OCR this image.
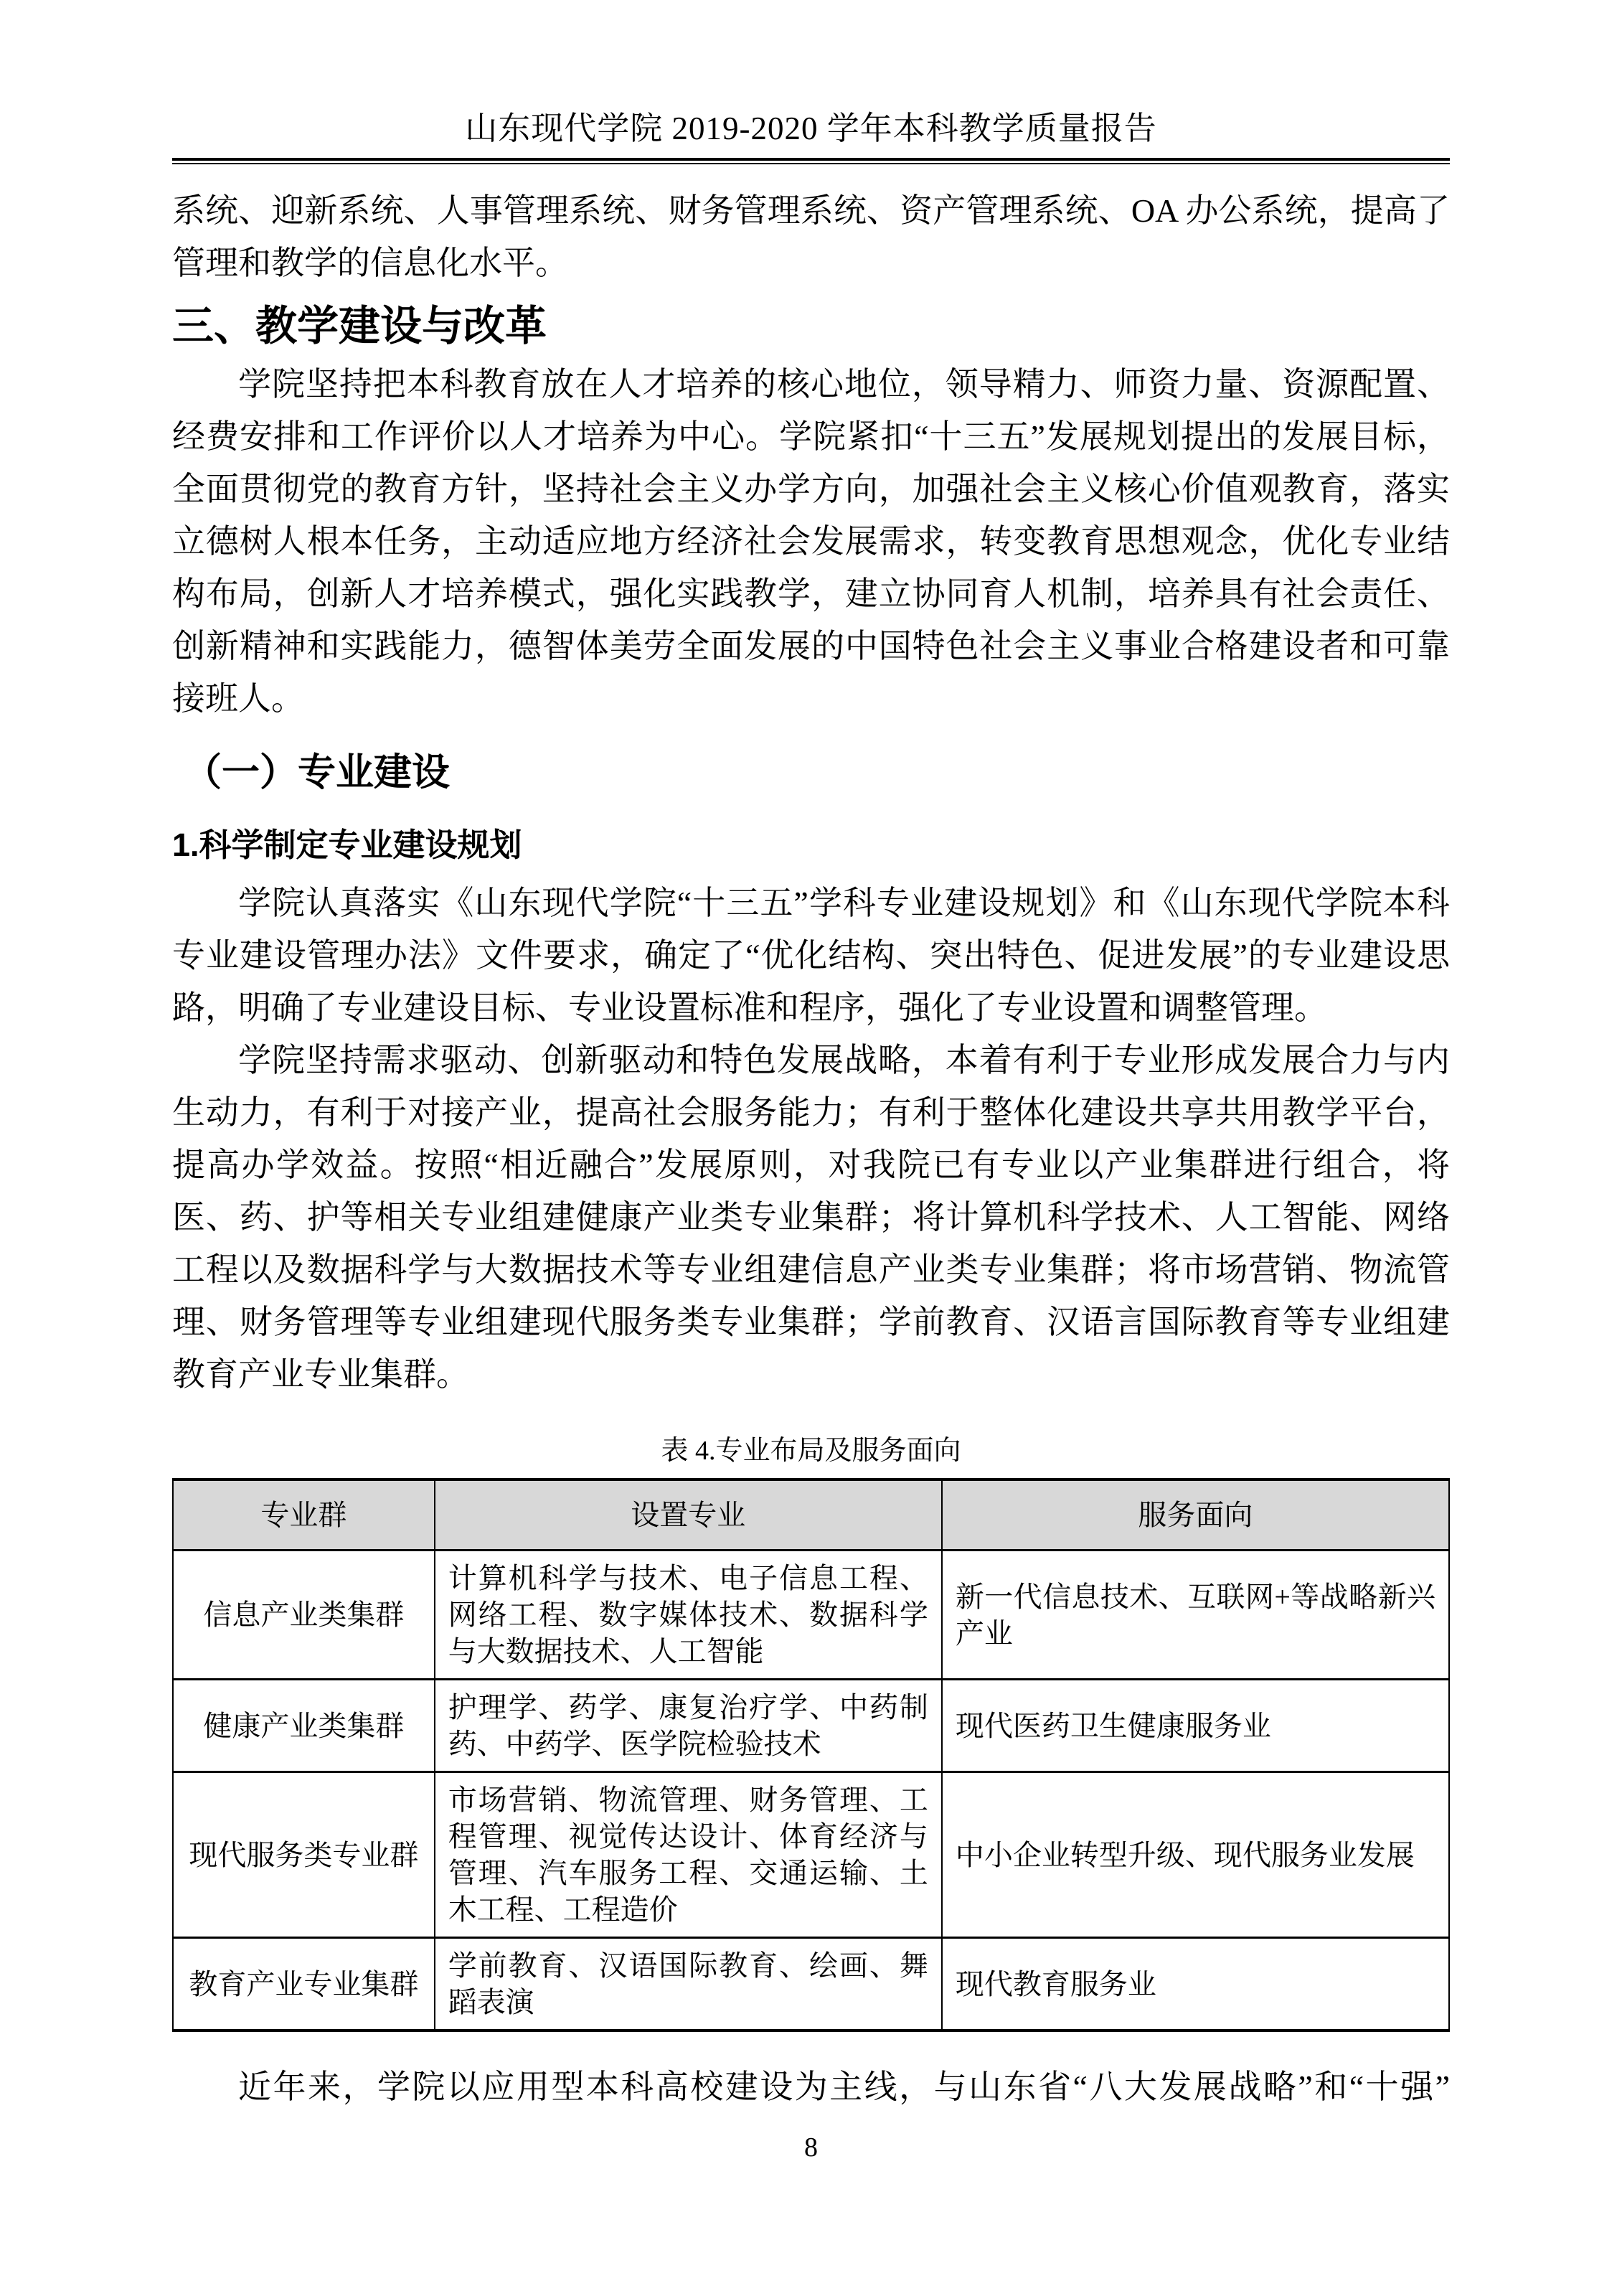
山东现代学院 2019-2020 学年本科教学质量报告

系统、迎新系统、人事管理系统、财务管理系统、资产管理系统、OA 办公系统，提高了管理和教学的信息化水平。

三、教学建设与改革

学院坚持把本科教育放在人才培养的核心地位，领导精力、师资力量、资源配置、经费安排和工作评价以人才培养为中心。学院紧扣“十三五”发展规划提出的发展目标，全面贯彻党的教育方针，坚持社会主义办学方向，加强社会主义核心价值观教育，落实立德树人根本任务，主动适应地方经济社会发展需求，转变教育思想观念，优化专业结构布局，创新人才培养模式，强化实践教学，建立协同育人机制，培养具有社会责任、创新精神和实践能力，德智体美劳全面发展的中国特色社会主义事业合格建设者和可靠接班人。

（一）专业建设
1.科学制定专业建设规划

学院认真落实《山东现代学院“十三五”学科专业建设规划》和《山东现代学院本科专业建设管理办法》文件要求，确定了“优化结构、突出特色、促进发展”的专业建设思路，明确了专业建设目标、专业设置标准和程序，强化了专业设置和调整管理。

学院坚持需求驱动、创新驱动和特色发展战略，本着有利于专业形成发展合力与内生动力，有利于对接产业，提高社会服务能力；有利于整体化建设共享共用教学平台，提高办学效益。按照“相近融合”发展原则，对我院已有专业以产业集群进行组合，将医、药、护等相关专业组建健康产业类专业集群；将计算机科学技术、人工智能、网络工程以及数据科学与大数据技术等专业组建信息产业类专业集群；将市场营销、物流管理、财务管理等专业组建现代服务类专业集群；学前教育、汉语言国际教育等专业组建教育产业专业集群。

表 4.专业布局及服务面向
专业群	设置专业	服务面向
信息产业类集群	计算机科学与技术、电子信息工程、网络工程、数字媒体技术、数据科学与大数据技术、人工智能	新一代信息技术、互联网+等战略新兴产业
健康产业类集群	护理学、药学、康复治疗学、中药制药、中药学、医学院检验技术	现代医药卫生健康服务业
现代服务类专业群	市场营销、物流管理、财务管理、工程管理、视觉传达设计、体育经济与管理、汽车服务工程、交通运输、土木工程、工程造价	中小企业转型升级、现代服务业发展
教育产业专业集群	学前教育、汉语国际教育、绘画、舞蹈表演	现代教育服务业

近年来，学院以应用型本科高校建设为主线，与山东省“八大发展战略”和“十强”

8
